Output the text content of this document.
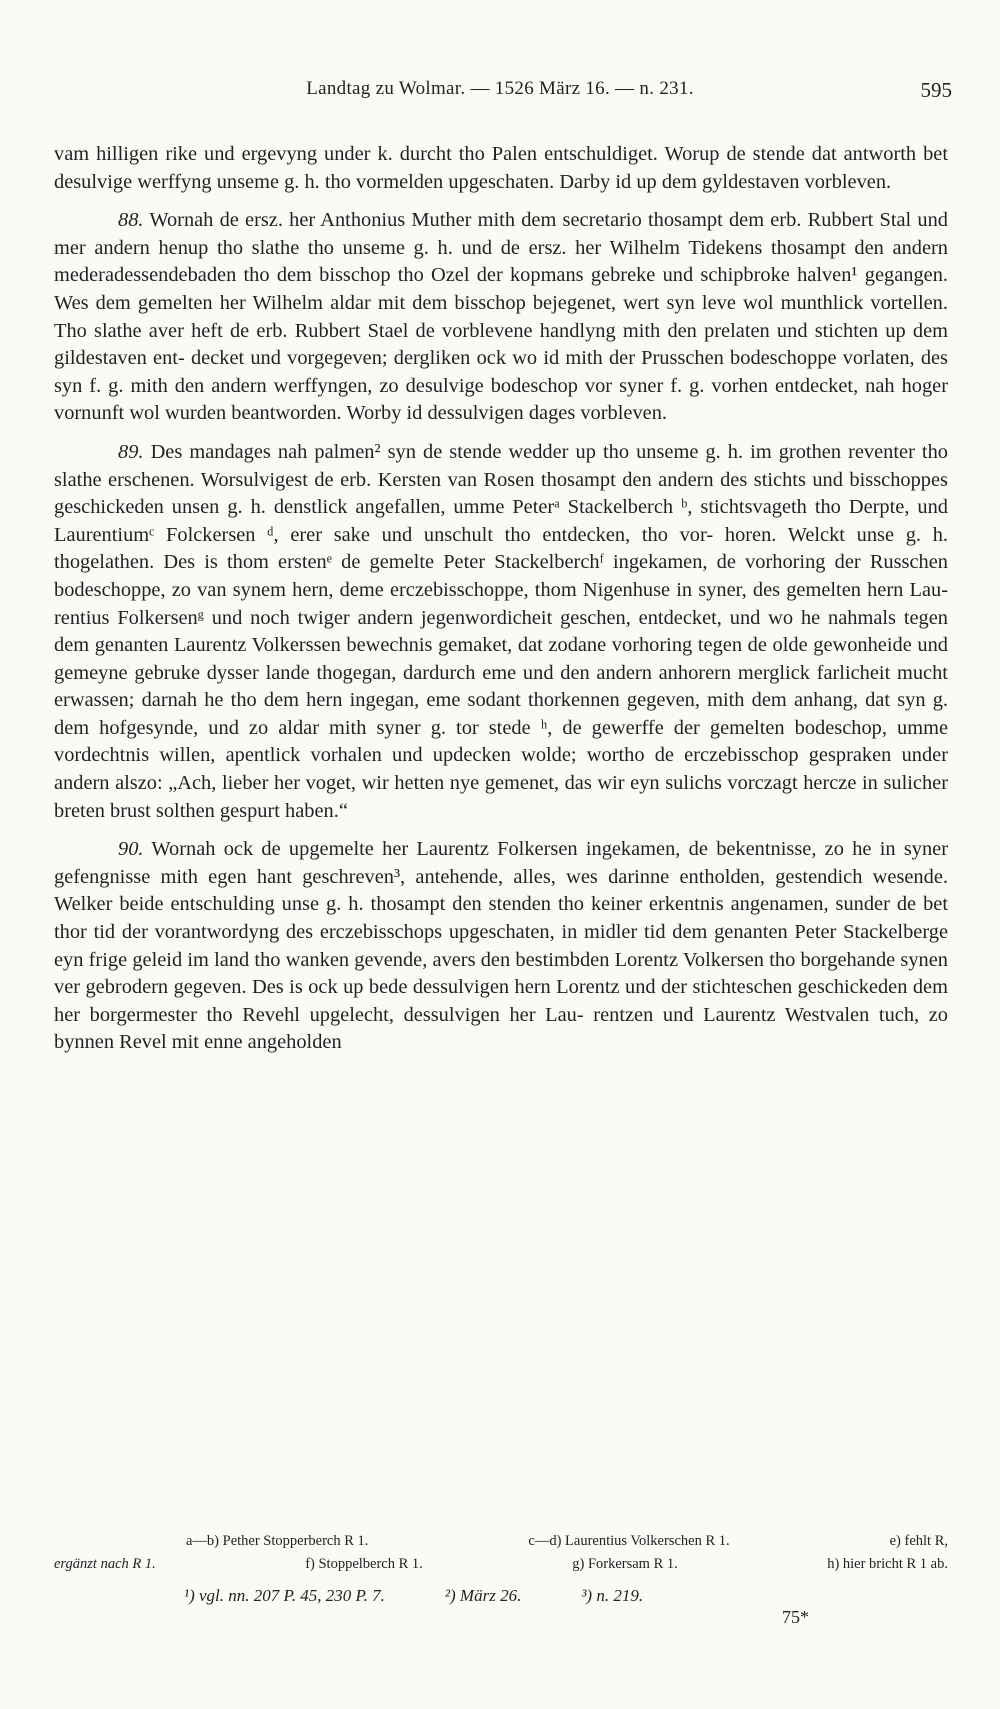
Landtag zu Wolmar. — 1526 März 16. — n. 231.	595

vam hilligen rike und ergevyng under k. durcht tho Palen entschuldiget. Worup de stende dat antworth bet desulvige werffyng unseme g. h. tho vormelden upgeschaten. Darby id up dem gyldestaven vorbleven.

88. Wornah de ersz. her Anthonius Muther mith dem secretario thosampt dem erb. Rubbert Stal und mer andern henup tho slathe tho unseme g. h. und de ersz. her Wilhelm Tidekens thosampt den andern mederadessendebaden tho dem bisschop tho Ozel der kopmans gebreke und schipbroke halven¹ gegangen. Wes dem gemelten her Wilhelm aldar mit dem bisschop bejegenet, wert syn leve wol munthlick vortellen. Tho slathe aver heft de erb. Rubbert Stael de vorblevene handlyng mith den prelaten und stichten up dem gildestaven ent- decket und vorgegeven; dergliken ock wo id mith der Prusschen bodeschoppe vorlaten, des syn f. g. mith den andern werffyngen, zo desulvige bodeschop vor syner f. g. vorhen entdecket, nah hoger vornunft wol wurden beantworden. Worby id dessulvigen dages vorbleven.

89. Des mandages nah palmen² syn de stende wedder up tho unseme g. h. im grothen reventer tho slathe erschenen. Worsulvigest de erb. Kersten van Rosen thosampt den andern des stichts und bisschoppes geschickeden unsen g. h. denstlick angefallen, umme Peterᵃ Stackelberch ᵇ, stichtsvageth tho Derpte, und Laurentiumᶜ Folckersen ᵈ, erer sake und unschult tho entdecken, tho vor- horen. Welckt unse g. h. thogelathen. Des is thom erstenᵉ de gemelte Peter Stackelberchᶠ ingekamen, de vorhoring der Russchen bodeschoppe, zo van synem hern, deme erczebisschoppe, thom Nigenhuse in syner, des gemelten hern Lau- rentius Folkersenᵍ und noch twiger andern jegenwordicheit geschen, entdecket, und wo he nahmals tegen dem genanten Laurentz Volkerssen bewechnis gemaket, dat zodane vorhoring tegen de olde gewonheide und gemeyne gebruke dysser lande thogegan, dardurch eme und den andern anhorern merglick farlicheit mucht erwassen; darnah he tho dem hern ingegan, eme sodant thorkennen gegeven, mith dem anhang, dat syn g. dem hofgesynde, und zo aldar mith syner g. tor stede ʰ, de gewerffe der gemelten bodeschop, umme vordechtnis willen, apentlick vorhalen und updecken wolde; wortho de erczebisschop gespraken under andern alszo: „Ach, lieber her voget, wir hetten nye gemenet, das wir eyn sulichs vorczagt hercze in sulicher breten brust solthen gespurt haben.“

90. Wornah ock de upgemelte her Laurentz Folkersen ingekamen, de bekentnisse, zo he in syner gefengnisse mith egen hant geschreven³, antehende, alles, wes darinne entholden, gestendich wesende. Welker beide entschulding unse g. h. thosampt den stenden tho keiner erkentnis angenamen, sunder de bet thor tid der vorantwordyng des erczebisschops upgeschaten, in midler tid dem genanten Peter Stackelberge eyn frige geleid im land tho wanken gevende, avers den bestimbden Lorentz Volkersen tho borgehande synen ver gebrodern gegeven. Des is ock up bede dessulvigen hern Lorentz und der stichteschen geschickeden dem her borgermester tho Revehl upgelecht, dessulvigen her Lau- rentzen und Laurentz Westvalen tuch, zo bynnen Revel mit enne angeholden

a—b) Pether Stopperberch R 1.	c—d) Laurentius Volkerschen R 1.	e) fehlt R,
ergänzt nach R 1.	f) Stoppelberch R 1.	g) Forkersam R 1.	h) hier bricht R 1 ab.
¹) vgl. nn. 207 P. 45, 230 P. 7.	²) März 26.	³) n. 219.
75*
